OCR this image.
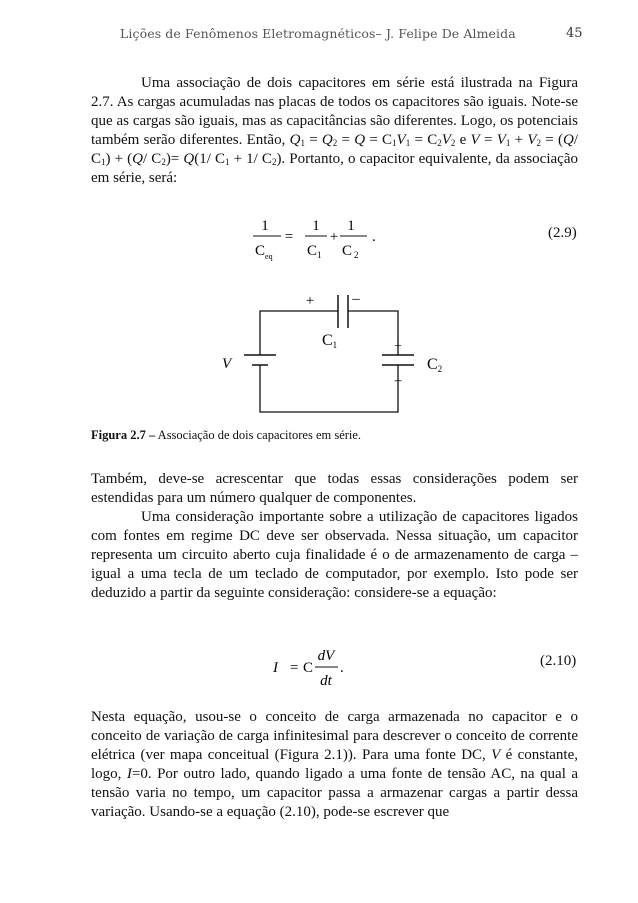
Lições de Fenômenos Eletromagnéticos– J. Felipe De Almeida	45

Uma associação de dois capacitores em série está ilustrada na Figura 2.7. As cargas acumuladas nas placas de todos os capacitores são iguais. Note-se que as cargas são iguais, mas as capacitâncias são diferentes. Logo, os potenciais também serão diferentes. Então, $Q_1 = Q_2 = Q = C_1V_1 = C_2V_2$ e $V = V_1 + V_2 = (Q/$ $C_1) + (Q/$ $C_2)= Q(1/$ $C_1 + 1/$ $C_2$). Portanto, o capacitor equivalente, da associação em série, será:

1
$C_{eq}$
=
1
$C_1$
+
1
C $_2$
.	(2.9)
+	–
C1
V
+
–
C2
Figura 2.7 – Associação de dois capacitores em série.

Também, deve-se acrescentar que todas essas considerações podem ser estendidas para um número qualquer de componentes.

Uma consideração importante sobre a utilização de capacitores ligados com fontes em regime DC deve ser observada. Nessa situação, um capacitor representa um circuito aberto cuja finalidade é o de armazenamento de carga – igual a uma tecla de um teclado de computador, por exemplo. Isto pode ser deduzido a partir da seguinte consideração: considere-se a equação:

I = C
dV
dt
.	(2.10)

Nesta equação, usou-se o conceito de carga armazenada no capacitor e o conceito de variação de carga infinitesimal para descrever o conceito de corrente elétrica (ver mapa conceitual (Figura 2.1)). Para uma fonte DC, V é constante, logo, I=0. Por outro lado, quando ligado a uma fonte de tensão AC, na qual a tensão varia no tempo, um capacitor passa a armazenar cargas a partir dessa variação. Usando-se a equação (2.10), pode-se escrever que
